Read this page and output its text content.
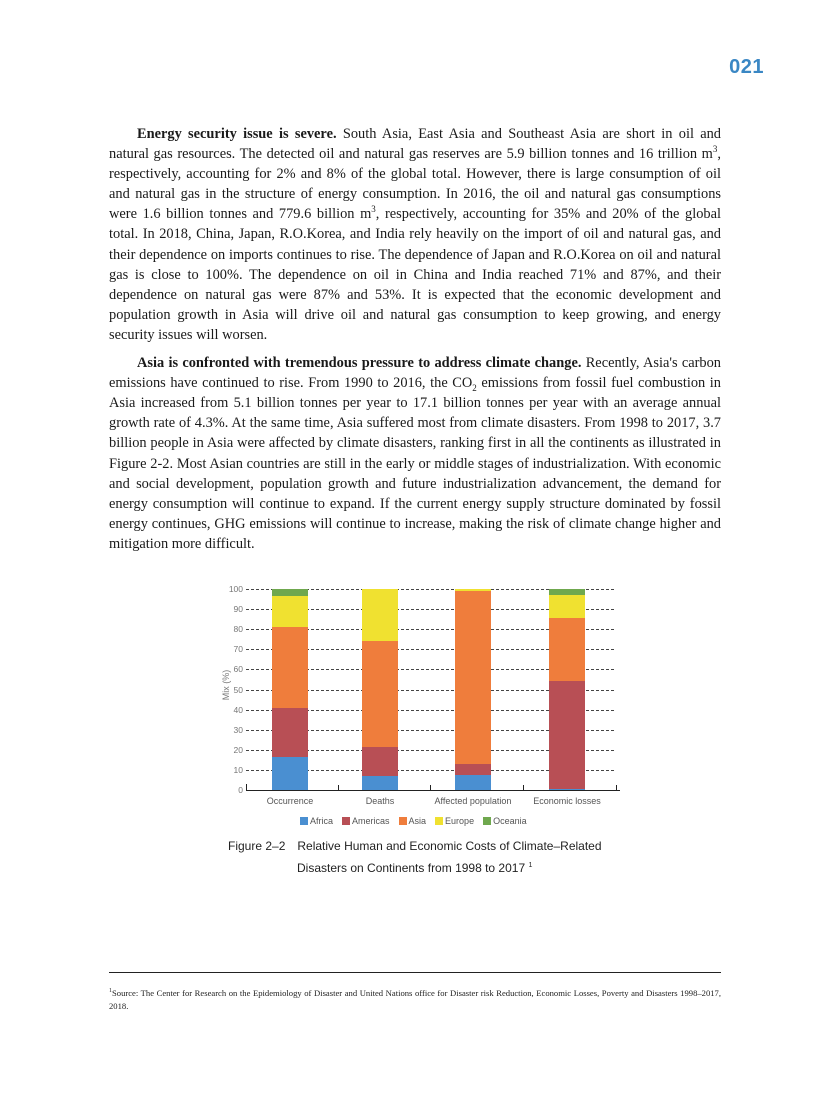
021

Energy security issue is severe. South Asia, East Asia and Southeast Asia are short in oil and natural gas resources. The detected oil and natural gas reserves are 5.9 billion tonnes and 16 trillion $m^3$, respectively, accounting for 2% and 8% of the global total. However, there is large consumption of oil and natural gas in the structure of energy consumption. In 2016, the oil and natural gas consumptions were 1.6 billion tonnes and 779.6 billion $m^3$, respectively, accounting for 35% and 20% of the global total. In 2018, China, Japan, R.O.Korea, and India rely heavily on the import of oil and natural gas, and their dependence on imports continues to rise. The dependence of Japan and R.O.Korea on oil and natural gas is close to 100%. The dependence on oil in China and India reached 71% and 87%, and their dependence on natural gas were 87% and 53%. It is expected that the economic development and population growth in Asia will drive oil and natural gas consumption to keep growing, and energy security issues will worsen.

Asia is confronted with tremendous pressure to address climate change. Recently, Asia's carbon emissions have continued to rise. From 1990 to 2016, the $CO_2$ emissions from fossil fuel combustion in Asia increased from 5.1 billion tonnes per year to 17.1 billion tonnes per year with an average annual growth rate of 4.3%. At the same time, Asia suffered most from climate disasters. From 1998 to 2017, 3.7 billion people in Asia were affected by climate disasters, ranking first in all the continents as illustrated in Figure 2-2. Most Asian countries are still in the early or middle stages of industrialization. With economic and social development, population growth and future industrialization advancement, the demand for energy consumption will continue to expand. If the current energy supply structure dominated by fossil energy continues, GHG emissions will continue to increase, making the risk of climate change higher and mitigation more difficult.

Mix (%)
0
10
20
30
40
50
60
70
80
90
100
Occurrence	Deaths	Affected population	Economic losses
Africa Americas Asia Europe Oceania
Figure 2–2 Relative Human and Economic Costs of Climate–Related
Disasters on Continents from 1998 to 2017 $^1$
$^1$Source: The Center for Research on the Epidemiology of Disaster and United Nations office for Disaster risk Reduction, Economic Losses, Poverty and Disasters 1998–2017, 2018.
